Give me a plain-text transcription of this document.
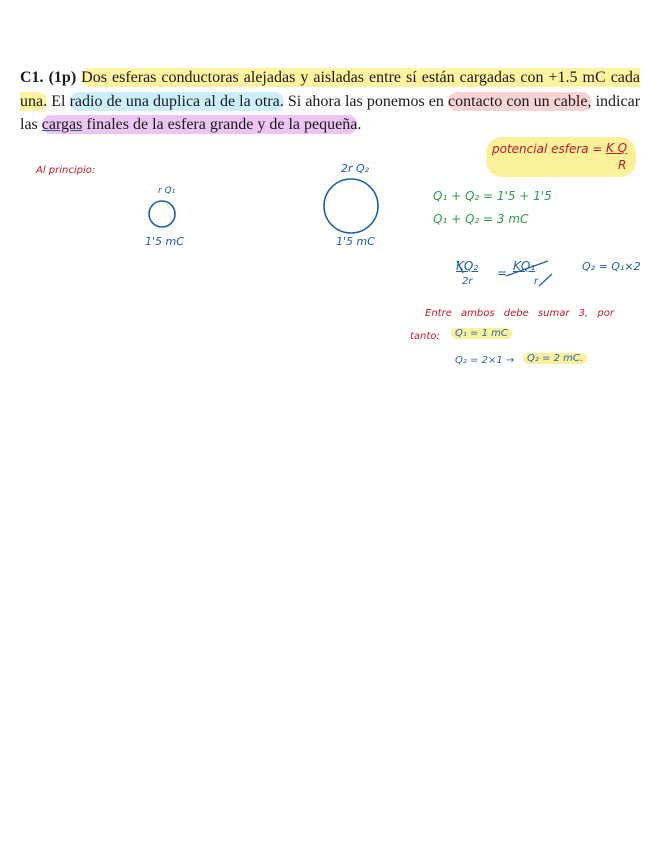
C1. (1p) Dos esferas conductoras alejadas y aisladas entre sí están cargadas con +1.5 mC cada una. El radio de una duplica al de la otra. Si ahora las ponemos en contacto con un cable, indicar las cargas finales de la esfera grande y de la pequeña.
potencial esfera = K Q
R
Al principio:
r Q₁
1'5 mC
2r Q₂
1'5 mC
Q₁ + Q₂ = 1'5 + 1'5
Q₁ + Q₂ = 3 mC
KQ₂
2r
= KQ₁
r
Q₂ = Q₁×2
Entre ambos debe sumar 3, por
tanto:	Q₁ = 1 mC
Q₂ = 2×1 →	Q₂ = 2 mC.
